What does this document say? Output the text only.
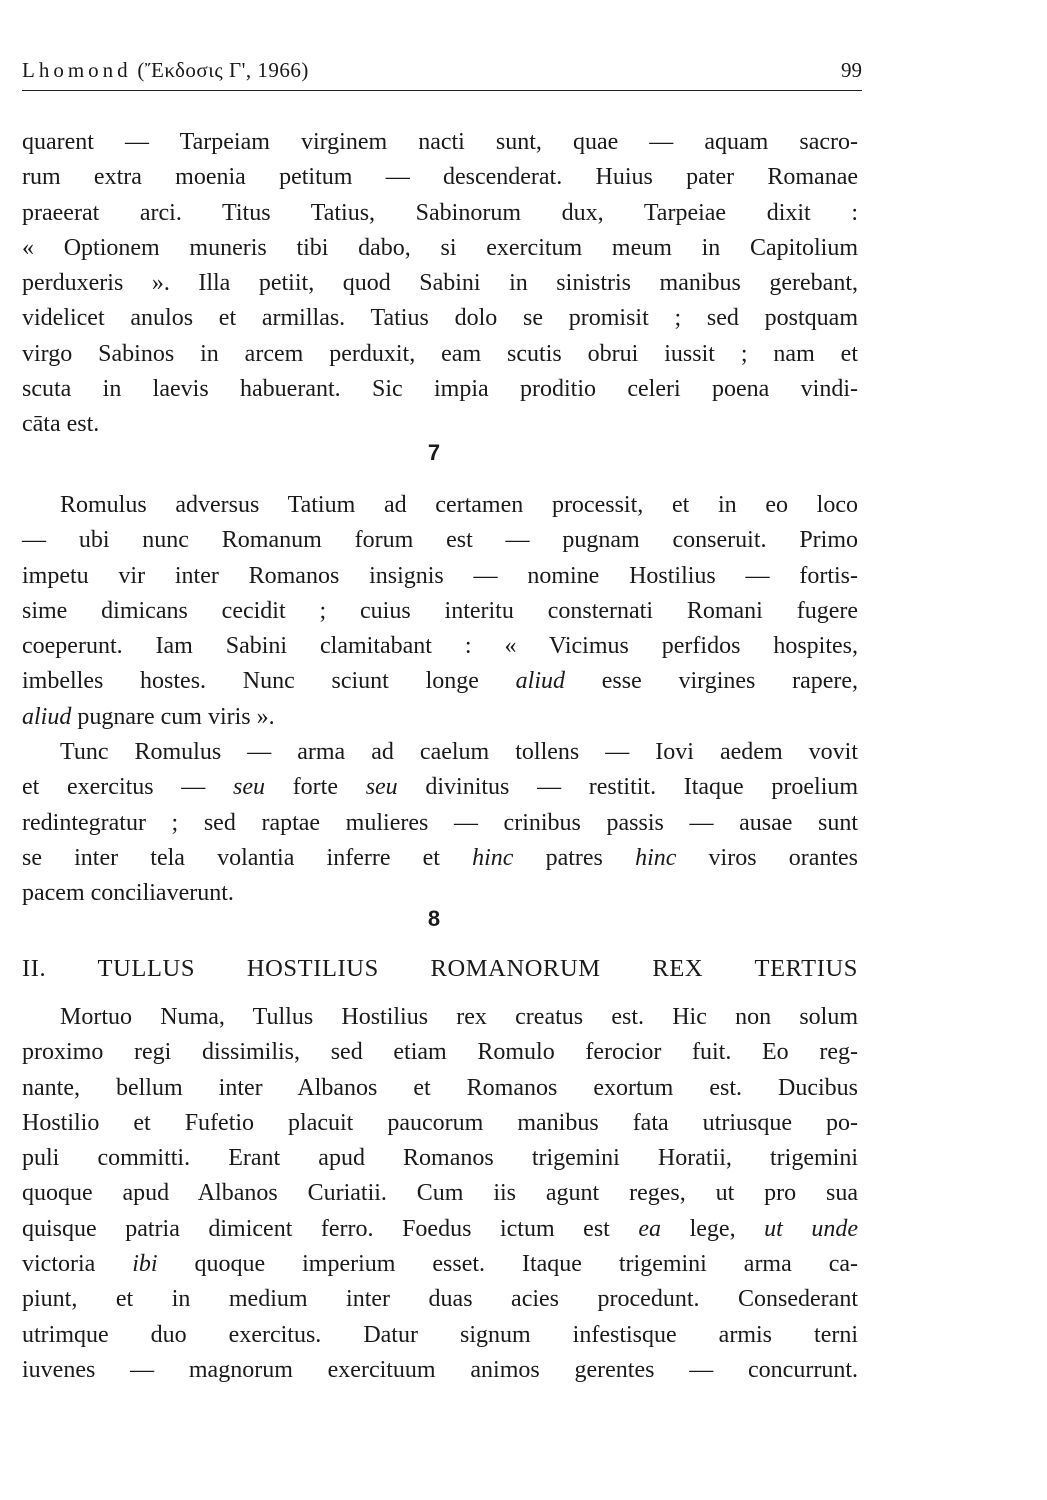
Lhomond (Ἔκδοσις Γ', 1966)	99
quarent — Tarpeiam virginem nacti sunt, quae — aquam sacro-
rum extra moenia petitum — descenderat. Huius pater Romanae
praeerat arci. Titus Tatius, Sabinorum dux, Tarpeiae dixit :
« Optionem muneris tibi dabo, si exercitum meum in Capitolium
perduxeris ». Illa petiit, quod Sabini in sinistris manibus gerebant,
videlicet anulos et armillas. Tatius dolo se promisit ; sed postquam
virgo Sabinos in arcem perduxit, eam scutis obrui iussit ; nam et
scuta in laevis habuerant. Sic impia proditio celeri poena vindi-
cāta est.
7
Romulus adversus Tatium ad certamen processit, et in eo loco
— ubi nunc Romanum forum est — pugnam conseruit. Primo
impetu vir inter Romanos insignis — nomine Hostilius — fortis-
sime dimicans cecidit ; cuius interitu consternati Romani fugere
coeperunt. Iam Sabini clamitabant : « Vicimus perfidos hospites,
imbelles hostes. Nunc sciunt longe aliud esse virgines rapere,
aliud pugnare cum viris ».
Tunc Romulus — arma ad caelum tollens — Iovi aedem vovit
et exercitus — seu forte seu divinitus — restitit. Itaque proelium
redintegratur ; sed raptae mulieres — crinibus passis — ausae sunt
se inter tela volantia inferre et hinc patres hinc viros orantes
pacem conciliaverunt.
8
II. TULLUS HOSTILIUS ROMANORUM REX TERTIUS
Mortuo Numa, Tullus Hostilius rex creatus est. Hic non solum
proximo regi dissimilis, sed etiam Romulo ferocior fuit. Eo reg-
nante, bellum inter Albanos et Romanos exortum est. Ducibus
Hostilio et Fufetio placuit paucorum manibus fata utriusque po-
puli committi. Erant apud Romanos trigemini Horatii, trigemini
quoque apud Albanos Curiatii. Cum iis agunt reges, ut pro sua
quisque patria dimicent ferro. Foedus ictum est ea lege, ut unde
victoria ibi quoque imperium esset. Itaque trigemini arma ca-
piunt, et in medium inter duas acies procedunt. Consederant
utrimque duo exercitus. Datur signum infestisque armis terni
iuvenes — magnorum exercituum animos gerentes — concurrunt.
